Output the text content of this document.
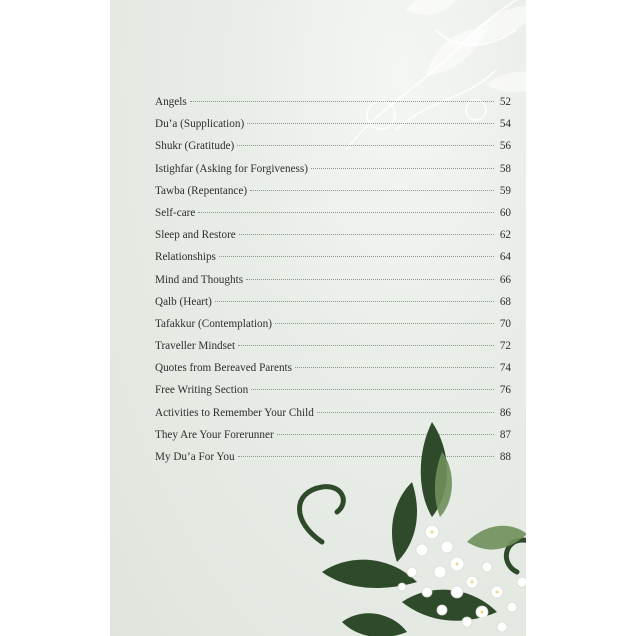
Angels	52
Du’a (Supplication)	54
Shukr (Gratitude)	56
Istighfar (Asking for Forgiveness)	58
Tawba (Repentance)	59
Self-care	60
Sleep and Restore	62
Relationships	64
Mind and Thoughts	66
Qalb (Heart)	68
Tafakkur (Contemplation)	70
Traveller Mindset	72
Quotes from Bereaved Parents	74
Free Writing Section	76
Activities to Remember Your Child	86
They Are Your Forerunner	87
My Du’a For You	88
